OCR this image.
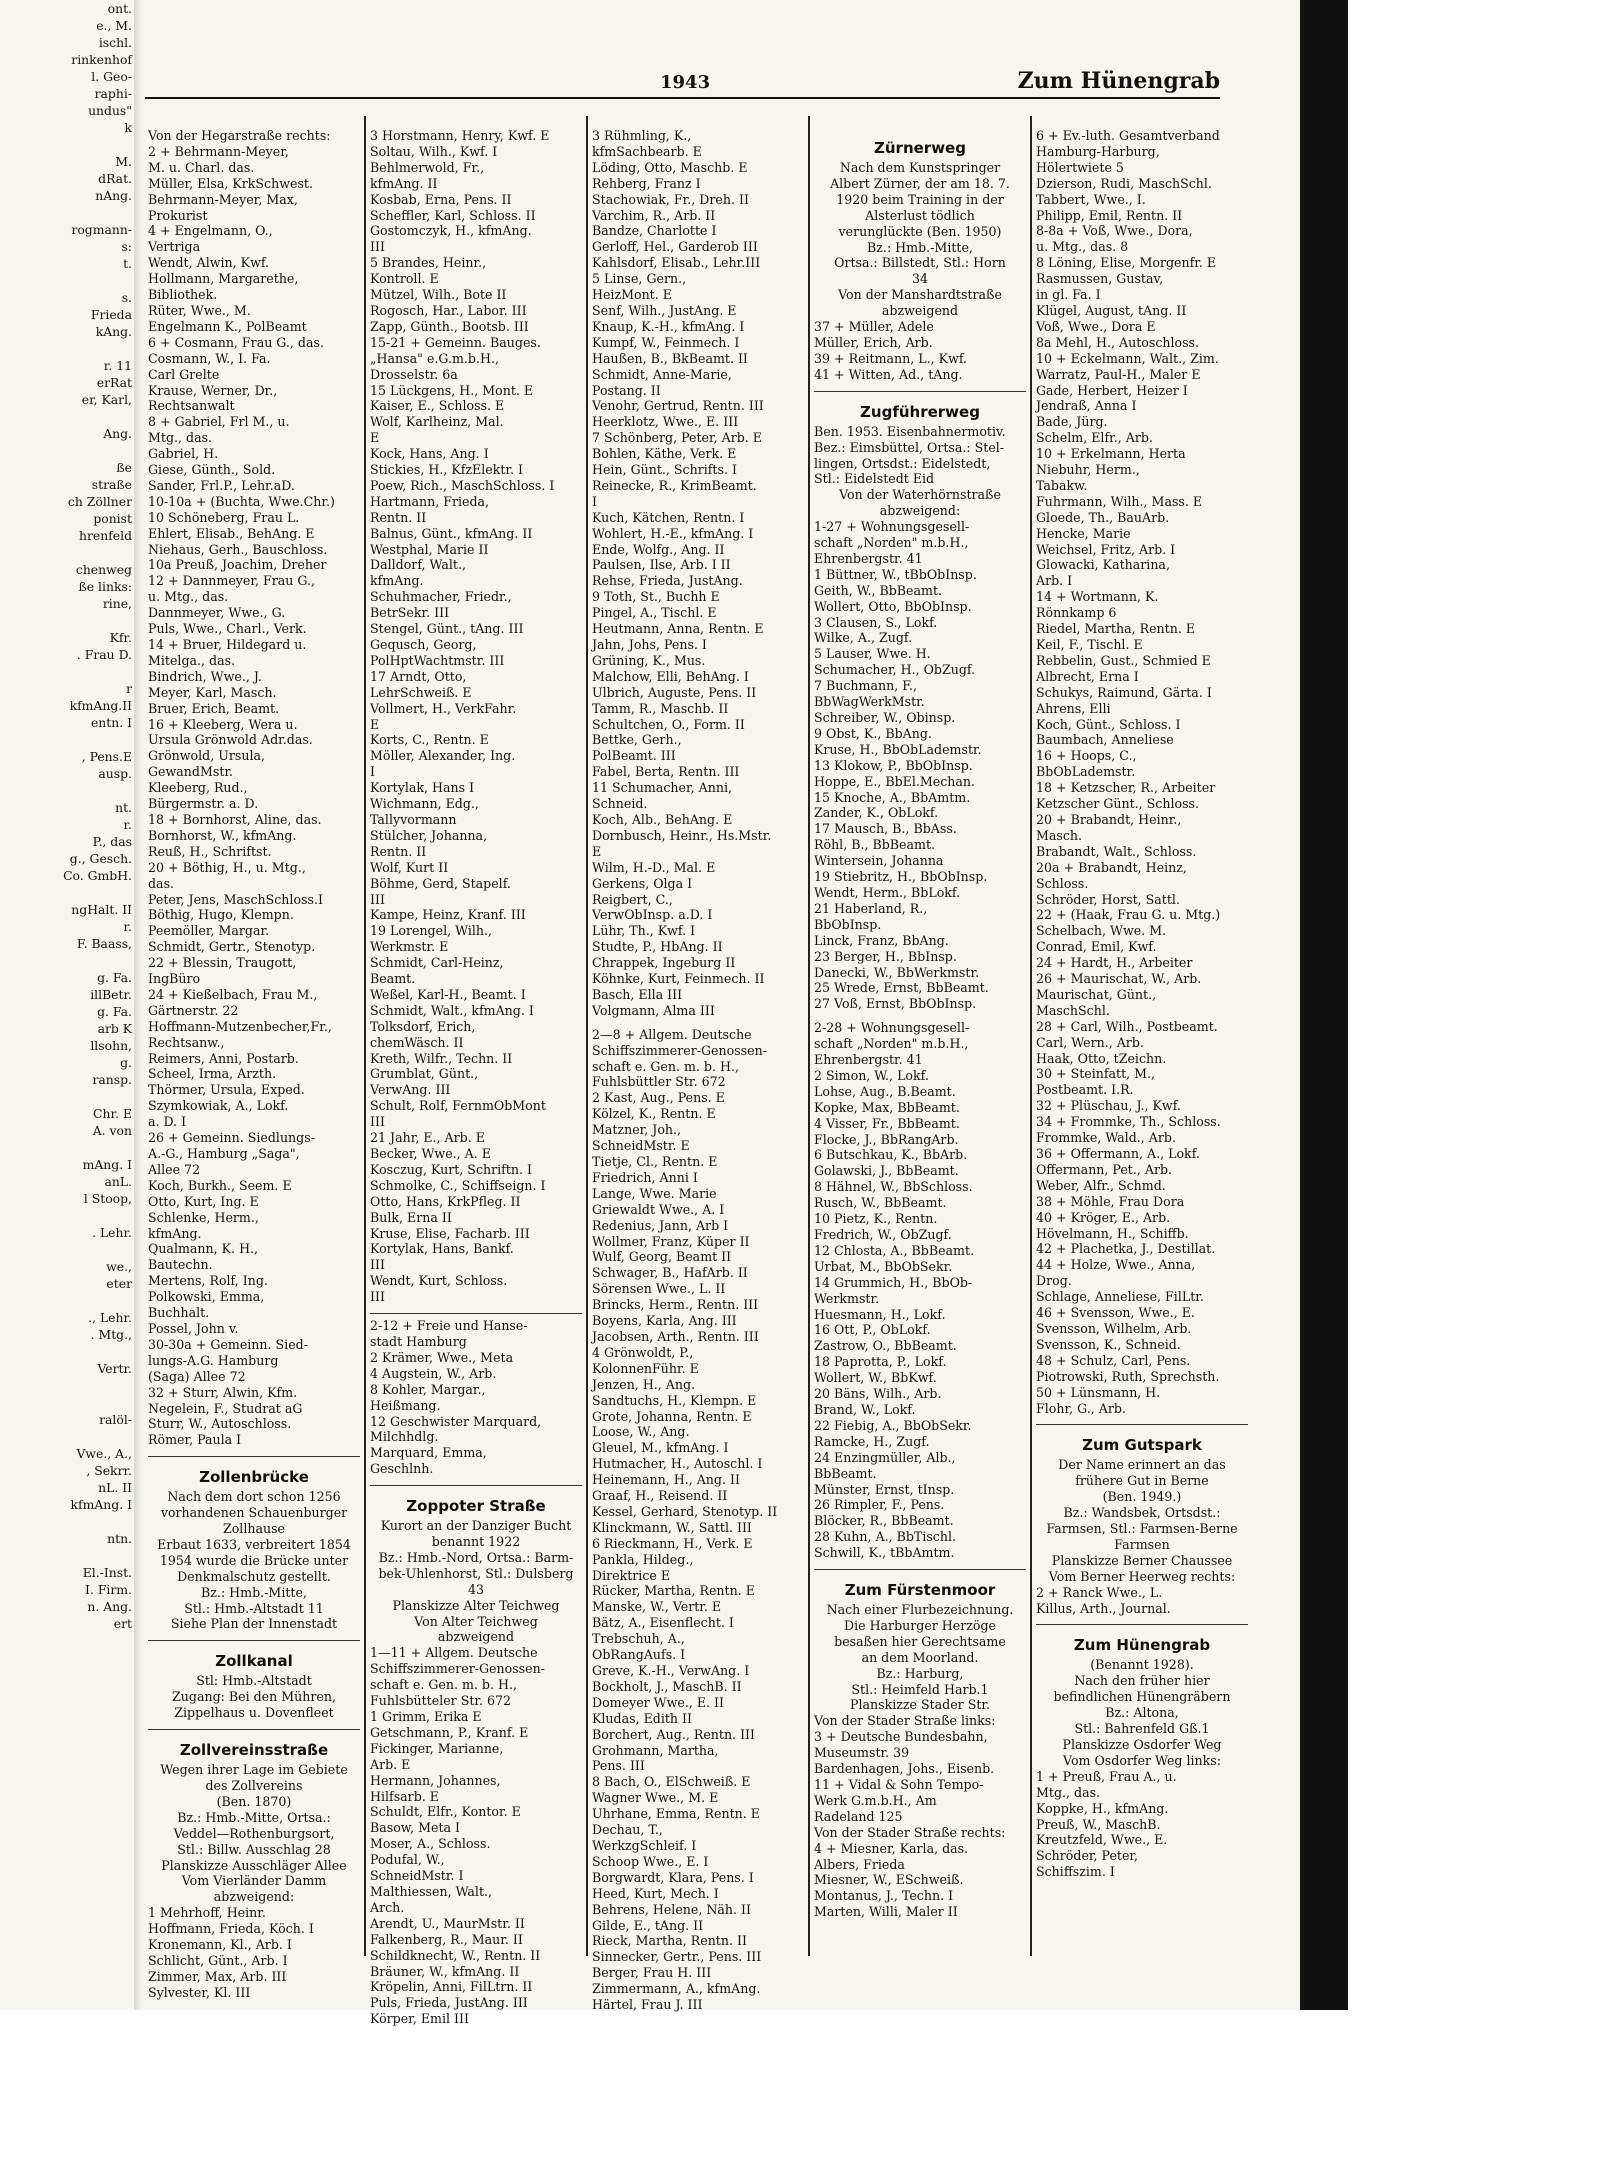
ont.
e., M.
ischl.
rinkenhof
l. Geo-
raphi-
undus"
k

M.
dRat.
nAng.

rogmann-
s:
t.

s.
Frieda
kAng.

r. 11
erRat
er, Karl,

Ang.

ße
straße
ch Zöllner
ponist
hrenfeld

chenweg
ße links:
rine,

Kfr.
. Frau D.

r
kfmAng.II
entn. I

, Pens.E
ausp.

nt.
r.
P., das
g., Gesch.
Co. GmbH.

ngHalt. II
r.
F. Baass,

g. Fa.
illBetr.
g. Fa.
arb K
llsohn,
g.
ransp.

Chr. E
A. von

mAng. I
anL.
l Stoop,

. Lehr.

we.,
eter

., Lehr.
. Mtg.,

Vertr.

ralöl-

Vwe., A.,
, Sekrr.
nL. II
kfmAng. I

ntn.

El.-Inst.
I. Firm.
n. Ang.
ert
1943	Zum Hünengrab
Von der Hegarstraße rechts:
2 + Behrmann-Meyer,
M. u. Charl. das.
Müller, Elsa, KrkSchwest.
Behrmann-Meyer, Max,
Prokurist
4 + Engelmann, O.,
Vertriga
Wendt, Alwin, Kwf.
Hollmann, Margarethe,
Bibliothek.
Rüter, Wwe., M.
Engelmann K., PolBeamt
6 + Cosmann, Frau G., das.
Cosmann, W., I. Fa.
Carl Grelte
Krause, Werner, Dr.,
Rechtsanwalt
8 + Gabriel, Frl M., u.
Mtg., das.
Gabriel, H.
Giese, Günth., Sold.
Sander, Frl.P., Lehr.aD.
10-10a + (Buchta, Wwe.Chr.)
10 Schöneberg, Frau L.
Ehlert, Elisab., BehAng. E
Niehaus, Gerh., Bauschloss.
10a Preuß, Joachim, Dreher
12 + Dannmeyer, Frau G.,
u. Mtg., das.
Dannmeyer, Wwe., G.
Puls, Wwe., Charl., Verk.
14 + Bruer, Hildegard u.
Mitelga., das.
Bindrich, Wwe., J.
Meyer, Karl, Masch.
Bruer, Erich, Beamt.
16 + Kleeberg, Wera u.
Ursula Grönwold Adr.das.
Grönwold, Ursula,
GewandMstr.
Kleeberg, Rud.,
Bürgermstr. a. D.
18 + Bornhorst, Aline, das.
Bornhorst, W., kfmAng.
Reuß, H., Schriftst.
20 + Böthig, H., u. Mtg.,
das.
Peter, Jens, MaschSchloss.I
Böthig, Hugo, Klempn.
Peemöller, Margar.
Schmidt, Gertr., Stenotyp.
22 + Blessin, Traugott,
IngBüro
24 + Kießelbach, Frau M.,
Gärtnerstr. 22
Hoffmann-Mutzenbecher,Fr.,
Rechtsanw.,
Reimers, Anni, Postarb.
Scheel, Irma, Arzth.
Thörmer, Ursula, Exped.
Szymkowiak, A., Lokf.
a. D. I
26 + Gemeinn. Siedlungs-
A.-G., Hamburg „Saga",
Allee 72
Koch, Burkh., Seem. E
Otto, Kurt, Ing. E
Schlenke, Herm.,
kfmAng.
Qualmann, K. H.,
Bautechn.
Mertens, Rolf, Ing.
Polkowski, Emma,
Buchhalt.
Possel, John v.
30-30a + Gemeinn. Sied-
lungs-A.G. Hamburg
(Saga) Allee 72
32 + Sturr, Alwin, Kfm.
Negelein, F., Studrat aG
Sturr, W., Autoschloss.
Römer, Paula I
Zollenbrücke
Nach dem dort schon 1256
vorhandenen Schauenburger
Zollhause
Erbaut 1633, verbreitert 1854
1954 wurde die Brücke unter
Denkmalschutz gestellt.
Bz.: Hmb.-Mitte,
Stl.: Hmb.-Altstadt 11
Siehe Plan der Innenstadt
Zollkanal
Stl: Hmb.-Altstadt
Zugang: Bei den Mühren,
Zippelhaus u. Dovenfleet
Zollvereinsstraße
Wegen ihrer Lage im Gebiete
des Zollvereins
(Ben. 1870)
Bz.: Hmb.-Mitte, Ortsa.:
Veddel—Rothenburgsort,
Stl.: Billw. Ausschlag 28
Planskizze Ausschläger Allee
Vom Vierländer Damm
abzweigend:
1 Mehrhoff, Heinr.
Hoffmann, Frieda, Köch. I
Kronemann, Kl., Arb. I
Schlicht, Günt., Arb. I
Zimmer, Max, Arb. III
Sylvester, Kl. III
3 Horstmann, Henry, Kwf. E
Soltau, Wilh., Kwf. I
Behlmerwold, Fr.,
kfmAng. II
Kosbab, Erna, Pens. II
Scheffler, Karl, Schloss. II
Gostomczyk, H., kfmAng.
III
5 Brandes, Heinr.,
Kontroll. E
Mützel, Wilh., Bote II
Rogosch, Har., Labor. III
Zapp, Günth., Bootsb. III
15-21 + Gemeinn. Bauges.
„Hansa" e.G.m.b.H.,
Drosselstr. 6a
15 Lückgens, H., Mont. E
Kaiser, E., Schloss. E
Wolf, Karlheinz, Mal.
E
Kock, Hans, Ang. I
Stickies, H., KfzElektr. I
Poew, Rich., MaschSchloss. I
Hartmann, Frieda,
Rentn. II
Balnus, Günt., kfmAng. II
Westphal, Marie II
Dalldorf, Walt.,
kfmAng.
Schuhmacher, Friedr.,
BetrSekr. III
Stengel, Günt., tAng. III
Gequsch, Georg,
PolHptWachtmstr. III
17 Arndt, Otto,
LehrSchweiß. E
Vollmert, H., VerkFahr.
E
Korts, C., Rentn. E
Möller, Alexander, Ing.
I
Kortylak, Hans I
Wichmann, Edg.,
Tallyvormann
Stülcher, Johanna,
Rentn. II
Wolf, Kurt II
Böhme, Gerd, Stapelf.
III
Kampe, Heinz, Kranf. III
19 Lorengel, Wilh.,
Werkmstr. E
Schmidt, Carl-Heinz,
Beamt.
Weßel, Karl-H., Beamt. I
Schmidt, Walt., kfmAng. I
Tolksdorf, Erich,
chemWäsch. II
Kreth, Wilfr., Techn. II
Grumblat, Günt.,
VerwAng. III
Schult, Rolf, FernmObMont
III
21 Jahr, E., Arb. E
Becker, Wwe., A. E
Koscz​ug, Kurt, Schriftn. I
Schmolke, C., Schiffseign. I
Otto, Hans, KrkPfleg. II
Bulk, Erna II
Kruse, Elise, Facharb. III
Kortylak, Hans, Bankf.
III
Wendt, Kurt, Schloss.
III
2-12 + Freie und Hanse-
stadt Hamburg
2 Krämer, Wwe., Meta
4 Augstein, W., Arb.
8 Kohler, Margar.,
Heißmang.
12 Geschwister Marquard,
Milchhdlg.
Marquard, Emma,
Geschlnh.
Zoppoter Straße
Kurort an der Danziger Bucht
benannt 1922
Bz.: Hmb.-Nord, Ortsa.: Barm-
bek-Uhlenhorst, Stl.: Dulsberg
43
Planskizze Alter Teichweg
Von Alter Teichweg
abzweigend
1—11 + Allgem. Deutsche
Schiffszimmerer-Genossen-
schaft e. Gen. m. b. H.,
Fuhlsbütteler Str. 672
1 Grimm, Erika E
Getschmann, P., Kranf. E
Fickinger, Marianne,
Arb. E
Hermann, Johannes,
Hilfsarb. E
Schuldt, Elfr., Kontor. E
Basow, Meta I
Moser, A., Schloss.
Podufal, W.,
SchneidMstr. I
Malthiessen, Walt.,
Arch.
Arendt, U., MaurMstr. II
Falkenberg, R., Maur. II
Schildknecht, W., Rentn. II
Bräuner, W., kfmAng. II
Kröpelin, Anni, FilLtrn. II
Puls, Frieda, JustAng. III
Körper, Emil III
3 Rühmling, K.,
kfmSachbearb. E
Löding, Otto, Maschb. E
Rehberg, Franz I
Stachowiak, Fr., Dreh. II
Varchim, R., Arb. II
Bandze, Charlotte I
Gerloff, Hel., Garderob III
Kahlsdorf, Elisab., Lehr.III
5 Linse, Gern.,
HeizMont. E
Senf, Wilh., JustAng. E
Knaup, K.-H., kfmAng. I
Kumpf, W., Feinmech. I
Haußen, B., BkBeamt. II
Schmidt, Anne-Marie,
Postang. II
Venohr, Gertrud, Rentn. III
Heerklotz, Wwe., E. III
7 Schönberg, Peter, Arb. E
Bohlen, Käthe, Verk. E
Hein, Günt., Schrifts. I
Reinecke, R., KrimBeamt.
I
Kuch, Kätchen, Rentn. I
Wohlert, H.-E., kfmAng. I
Ende, Wolfg., Ang. II
Paulsen, Ilse, Arb. I II
Rehse, Frieda, JustAng.
9 Toth, St., Buchh E
Pingel, A., Tischl. E
Heutmann, Anna, Rentn. E
Jahn, Johs, Pens. I
Grüning, K., Mus.
Malchow, Elli, BehAng. I
Ulbrich, Auguste, Pens. II
Tamm, R., Maschb. II
Schultchen, O., Form. II
Bettke, Gerh.,
PolBeamt. III
Fabel, Berta, Rentn. III
11 Schumacher, Anni,
Schneid.
Koch, Alb., BehAng. E
Dornbusch, Heinr., Hs.Mstr.
E
Wilm, H.-D., Mal. E
Gerkens, Olga I
Reigbert, C.,
VerwObInsp. a.D. I
Lühr, Th., Kwf. I
Studte, P., HbAng. II
Chrappek, Ingeburg II
Köhnke, Kurt, Feinmech. II
Basch, Ella III
Volgmann, Alma III
2—8 + Allgem. Deutsche
Schiffszimmerer-Genossen-
schaft e. Gen. m. b. H.,
Fuhlsbüttler Str. 672
2 Kast, Aug., Pens. E
Kölzel, K., Rentn. E
Matzner, Joh.,
SchneidMstr. E
Tietje, Cl., Rentn. E
Friedrich, Anni I
Lange, Wwe. Marie
Griewaldt Wwe., A. I
Redenius, Jann, Arb I
Wollmer, Franz, Küper II
Wulf, Georg, Beamt II
Schwager, B., HafArb. II
Sörensen Wwe., L. II
Brincks, Herm., Rentn. III
Boyens, Karla, Ang. III
Jacobsen, Arth., Rentn. III
4 Grönwoldt, P.,
KolonnenFühr. E
Jenzen, H., Ang.
Sandtuchs, H., Klempn. E
Grote, Johanna, Rentn. E
Loose, W., Ang.
Gleuel, M., kfmAng. I
Hutmacher, H., Autoschl. I
Heinemann, H., Ang. II
Graaf, H., Reisend. II
Kessel, Gerhard, Stenotyp. II
Klinckmann, W., Sattl. III
6 Rieckmann, H., Verk. E
Pankla, Hildeg.,
Direktrice E
Rücker, Martha, Rentn. E
Manske, W., Vertr. E
Bätz, A., Eisenflecht. I
Trebschuh, A.,
ObRangAufs. I
Greve, K.-H., VerwAng. I
Bockholt, J., MaschB. II
Domeyer Wwe., E. II
Kludas, Edith II
Borchert, Aug., Rentn. III
Grohmann, Martha,
Pens. III
8 Bach, O., ElSchweiß. E
Wagner Wwe., M. E
Uhrhane, Emma, Rentn. E
Dechau, T.,
WerkzgSchleif. I
Schoop Wwe., E. I
Borgwardt, Klara, Pens. I
Heed, Kurt, Mech. I
Behrens, Helene, Näh. II
Gilde, E., tAng. II
Rieck, Martha, Rentn. II
Sinnecker, Gertr., Pens. III
Berger, Frau H. III
Zimmermann, A., kfmAng.
Härtel, Frau J. III
Zürnerweg
Nach dem Kunstspringer
Albert Zürner, der am 18. 7.
1920 beim Training in der
Alsterlust tödlich
verunglückte (Ben. 1950)
Bz.: Hmb.-Mitte,
Ortsa.: Billstedt, Stl.: Horn
34
Von der Manshardtstraße
abzweigend
37 + Müller, Adele
Müller, Erich, Arb.
39 + Reitmann, L., Kwf.
41 + Witten, Ad., tAng.
Zugführerweg
Ben. 1953. Eisenbahnermotiv.
Bez.: Eimsbüttel, Ortsa.: Stel-
lingen, Ortsdst.: Eidelstedt,
Stl.: Eidelstedt Eid
Von der Waterhörnstraße
abzweigend:
1-27 + Wohnungsgesell-
schaft „Norden" m.b.H.,
Ehrenbergstr. 41
1 Büttner, W., tBbObInsp.
Geith, W., BbBeamt.
Wollert, Otto, BbObInsp.
3 Clausen, S., Lokf.
Wilke, A., Zugf.
5 Lauser, Wwe. H.
Schumacher, H., ObZugf.
7 Buchmann, F.,
BbWagWerkMstr.
Schreiber, W., Obinsp.
9 Obst, K., BbAng.
Kruse, H., BbObLademstr.
13 Klokow, P., BbObInsp.
Hoppe, E., BbEl.Mechan.
15 Knoche, A., BbAmtm.
Zander, K., ObLokf.
17 Mausch, B., BbAss.
Röhl, B., BbBeamt.
Wintersein, Johanna
19 Stiebritz, H., BbObInsp.
Wendt, Herm., BbLokf.
21 Haberland, R.,
BbObInsp.
Linck, Franz, BbAng.
23 Berger, H., BbInsp.
Danecki, W., BbWerkmstr.
25 Wrede, Ernst, BbBeamt.
27 Voß, Ernst, BbObInsp.
2-28 + Wohnungsgesell-
schaft „Norden" m.b.H.,
Ehrenbergstr. 41
2 Simon, W., Lokf.
Lohse, Aug., B.Beamt.
Kopke, Max, BbBeamt.
4 Visser, Fr., BbBeamt.
Flocke, J., BbRangArb.
6 Butschkau, K., BbArb.
Golawski, J., BbBeamt.
8 Hähnel, W., BbSchloss.
Rusch, W., BbBeamt.
10 Pietz, K., Rentn.
Fredrich, W., ObZugf.
12 Chlosta, A., BbBeamt.
Urbat, M., BbObSekr.
14 Grummich, H., BbOb-
Werkmstr.
Huesmann, H., Lokf.
16 Ott, P., ObLokf.
Zastrow, O., BbBeamt.
18 Paprotta, P., Lokf.
Wollert, W., BbKwf.
20 Bäns, Wilh., Arb.
Brand, W., Lokf.
22 Fiebig, A., BbObSekr.
Ramcke, H., Zugf.
24 Enzingmüller, Alb.,
BbBeamt.
Münster, Ernst, tInsp.
26 Rimpler, F., Pens.
Blöcker, R., BbBeamt.
28 Kuhn, A., BbTischl.
Schwill, K., tBbAmtm.
Zum Fürstenmoor
Nach einer Flurbezeichnung.
Die Harburger Herzöge
besaßen hier Gerechtsame
an dem Moorland.
Bz.: Harburg,
Stl.: Heimfeld Harb.1
Planskizze Stader Str.
Von der Stader Straße links:
3 + Deutsche Bundesbahn,
Museumstr. 39
Bardenhagen, Johs., Eisenb.
11 + Vidal & Sohn Tempo-
Werk G.m.b.H., Am
Radeland 125
Von der Stader Straße rechts:
4 + Miesner, Karla, das.
Albers, Frieda
Miesner, W., ESchweiß.
Montanus, J., Techn. I
Marten, Willi, Maler II
6 + Ev.-luth. Gesamtverband
Hamburg-Harburg,
Hölertwiete 5
Dzierson, Rudi, MaschSchl.
Tabbert, Wwe., I.
Philipp, Emil, Rentn. II
8-8a + Voß, Wwe., Dora,
u. Mtg., das. 8
8 Löning, Elise, Morgenfr. E
Rasmussen, Gustav,
in gl. Fa. I
Klügel, August, tAng. II
Voß, Wwe., Dora E
8a Mehl, H., Autoschloss.
10 + Eckelmann, Walt., Zim.
Warratz, Paul-H., Maler E
Gade, Herbert, Heizer I
Jendraß, Anna I
Bade, Jürg.
Schelm, Elfr., Arb.
10 + Erkelmann, Herta
Niebuhr, Herm.,
Tabakw.
Fuhrmann, Wilh., Mass. E
Gloede, Th., BauArb.
Hencke, Marie
Weichsel, Fritz, Arb. I
Glowacki, Katharina,
Arb. I
14 + Wortmann, K.
Rönnkamp 6
Riedel, Martha, Rentn. E
Keil, F., Tischl. E
Rebbelin, Gust., Schmied E
Albrecht, Erna I
Schukys, Raimund, Gärta. I
Ahrens, Elli
Koch, Günt., Schloss. I
Baumbach, Anneliese
16 + Hoops, C.,
BbObLademstr.
18 + Ketzscher, R., Arbeiter
Ketzscher Günt., Schloss.
20 + Brabandt, Heinr.,
Masch.
Brabandt, Walt., Schloss.
20a + Brabandt, Heinz,
Schloss.
Schröder, Horst, Sattl.
22 + (Haak, Frau G. u. Mtg.)
Schelbach, Wwe. M.
Conrad, Emil, Kwf.
24 + Hardt, H., Arbeiter
26 + Maurischat, W., Arb.
Maurischat, Günt.,
MaschSchl.
28 + Carl, Wilh., Postbeamt.
Carl, Wern., Arb.
Haak, Otto, tZeichn.
30 + Steinfatt, M.,
Postbeamt. I.R.
32 + Plüschau, J., Kwf.
34 + Frommke, Th., Schloss.
Frommke, Wald., Arb.
36 + Offermann, A., Lokf.
Offermann, Pet., Arb.
Weber, Alfr., Schmd.
38 + Möhle, Frau Dora
40 + Kröger, E., Arb.
Hövelmann, H., Schiffb.
42 + Plachetka, J., Destillat.
44 + Holze, Wwe., Anna,
Drog.
Schlage, Anneliese, FilLtr.
46 + Svensson, Wwe., E.
Svensson, Wilhelm, Arb.
Svensson, K., Schneid.
48 + Schulz, Carl, Pens.
Piotrowski, Ruth, Sprechsth.
50 + Lünsmann, H.
Flohr, G., Arb.
Zum Gutspark
Der Name erinnert an das
frühere Gut in Berne
(Ben. 1949.)
Bz.: Wandsbek, Ortsdst.:
Farmsen, Stl.: Farmsen-Berne
Farmsen
Planskizze Berner Chaussee
Vom Berner Heerweg rechts:
2 + Ranck Wwe., L.
Killus, Arth., Journal.
Zum Hünengrab
(Benannt 1928).
Nach den früher hier
befindlichen Hünengräbern
Bz.: Altona,
Stl.: Bahrenfeld Gß.1
Planskizze Osdorfer Weg
Vom Osdorfer Weg links:
1 + Preuß, Frau A., u.
Mtg., das.
Koppke, H., kfmAng.
Preuß, W., MaschB.
Kreutzfeld, Wwe., E.
Schröder, Peter,
Schiffszim. I
